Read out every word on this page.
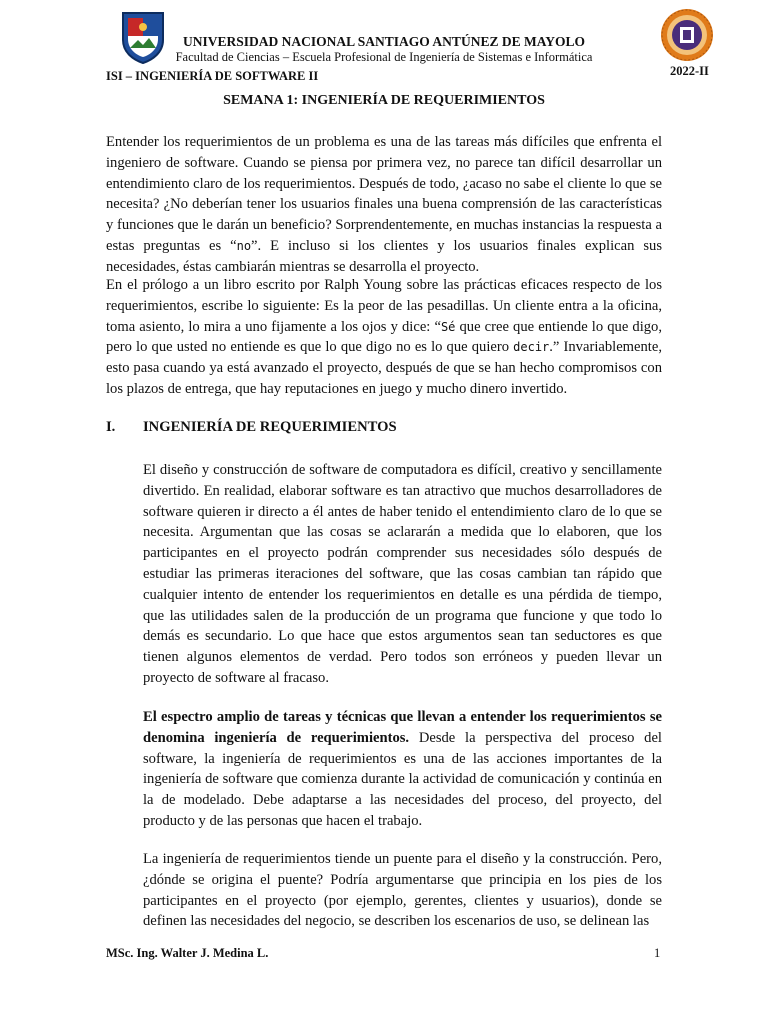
UNIVERSIDAD NACIONAL SANTIAGO ANTÚNEZ DE MAYOLO
Facultad de Ciencias – Escuela Profesional de Ingeniería de Sistemas e Informática
ISI – INGENIERÍA DE SOFTWARE II	2022-II
SEMANA 1: INGENIERÍA DE REQUERIMIENTOS
Entender los requerimientos de un problema es una de las tareas más difíciles que enfrenta el ingeniero de software. Cuando se piensa por primera vez, no parece tan difícil desarrollar un entendimiento claro de los requerimientos. Después de todo, ¿acaso no sabe el cliente lo que se necesita? ¿No deberían tener los usuarios finales una buena comprensión de las características y funciones que le darán un beneficio? Sorprendentemente, en muchas instancias la respuesta a estas preguntas es “no”. E incluso si los clientes y los usuarios finales explican sus necesidades, éstas cambiarán mientras se desarrolla el proyecto.
En el prólogo a un libro escrito por Ralph Young sobre las prácticas eficaces respecto de los requerimientos, escribe lo siguiente: Es la peor de las pesadillas. Un cliente entra a la oficina, toma asiento, lo mira a uno fijamente a los ojos y dice: “Sé que cree que entiende lo que digo, pero lo que usted no entiende es que lo que digo no es lo que quiero decir.” Invariablemente, esto pasa cuando ya está avanzado el proyecto, después de que se han hecho compromisos con los plazos de entrega, que hay reputaciones en juego y mucho dinero invertido.
I. INGENIERÍA DE REQUERIMIENTOS
El diseño y construcción de software de computadora es difícil, creativo y sencillamente divertido. En realidad, elaborar software es tan atractivo que muchos desarrolladores de software quieren ir directo a él antes de haber tenido el entendimiento claro de lo que se necesita. Argumentan que las cosas se aclararán a medida que lo elaboren, que los participantes en el proyecto podrán comprender sus necesidades sólo después de estudiar las primeras iteraciones del software, que las cosas cambian tan rápido que cualquier intento de entender los requerimientos en detalle es una pérdida de tiempo, que las utilidades salen de la producción de un programa que funcione y que todo lo demás es secundario. Lo que hace que estos argumentos sean tan seductores es que tienen algunos elementos de verdad. Pero todos son erróneos y pueden llevar un proyecto de software al fracaso.
El espectro amplio de tareas y técnicas que llevan a entender los requerimientos se denomina ingeniería de requerimientos. Desde la perspectiva del proceso del software, la ingeniería de requerimientos es una de las acciones importantes de la ingeniería de software que comienza durante la actividad de comunicación y continúa en la de modelado. Debe adaptarse a las necesidades del proceso, del proyecto, del producto y de las personas que hacen el trabajo.
La ingeniería de requerimientos tiende un puente para el diseño y la construcción. Pero, ¿dónde se origina el puente? Podría argumentarse que principia en los pies de los participantes en el proyecto (por ejemplo, gerentes, clientes y usuarios), donde se definen las necesidades del negocio, se describen los escenarios de uso, se delinean las
MSc. Ing. Walter J. Medina L.	1
